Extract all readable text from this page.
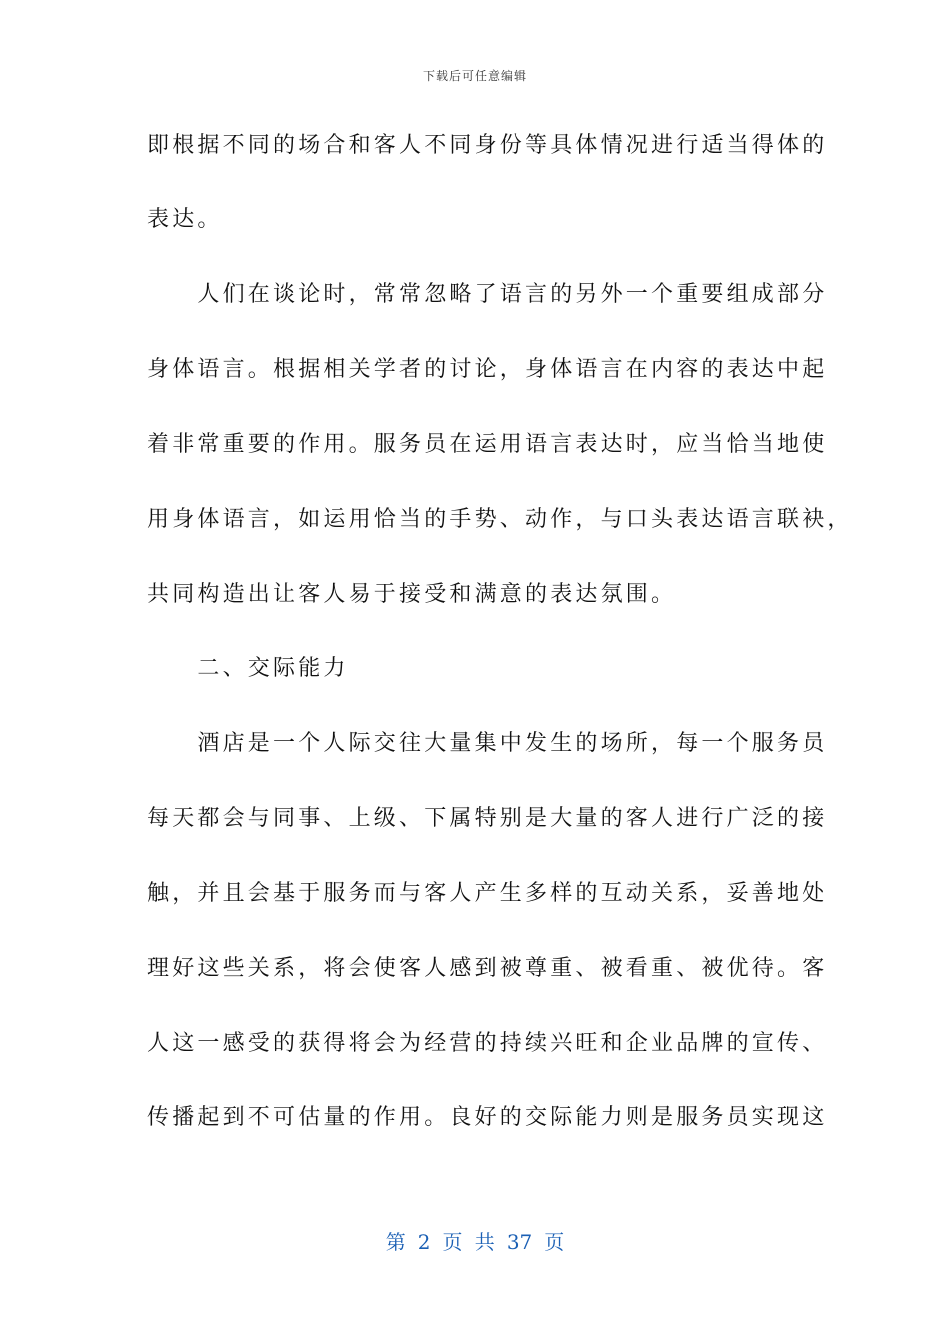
下载后可任意编辑
即根据不同的场合和客人不同身份等具体情况进行适当得体的
表达。
　　人们在谈论时，常常忽略了语言的另外一个重要组成部分
身体语言。根据相关学者的讨论，身体语言在内容的表达中起
着非常重要的作用。服务员在运用语言表达时，应当恰当地使
用身体语言，如运用恰当的手势、动作，与口头表达语言联袂，
共同构造出让客人易于接受和满意的表达氛围。
　　二、交际能力
　　酒店是一个人际交往大量集中发生的场所，每一个服务员
每天都会与同事、上级、下属特别是大量的客人进行广泛的接
触，并且会基于服务而与客人产生多样的互动关系，妥善地处
理好这些关系，将会使客人感到被尊重、被看重、被优待。客
人这一感受的获得将会为经营的持续兴旺和企业品牌的宣传、
传播起到不可估量的作用。良好的交际能力则是服务员实现这
第 2 页 共 37 页
